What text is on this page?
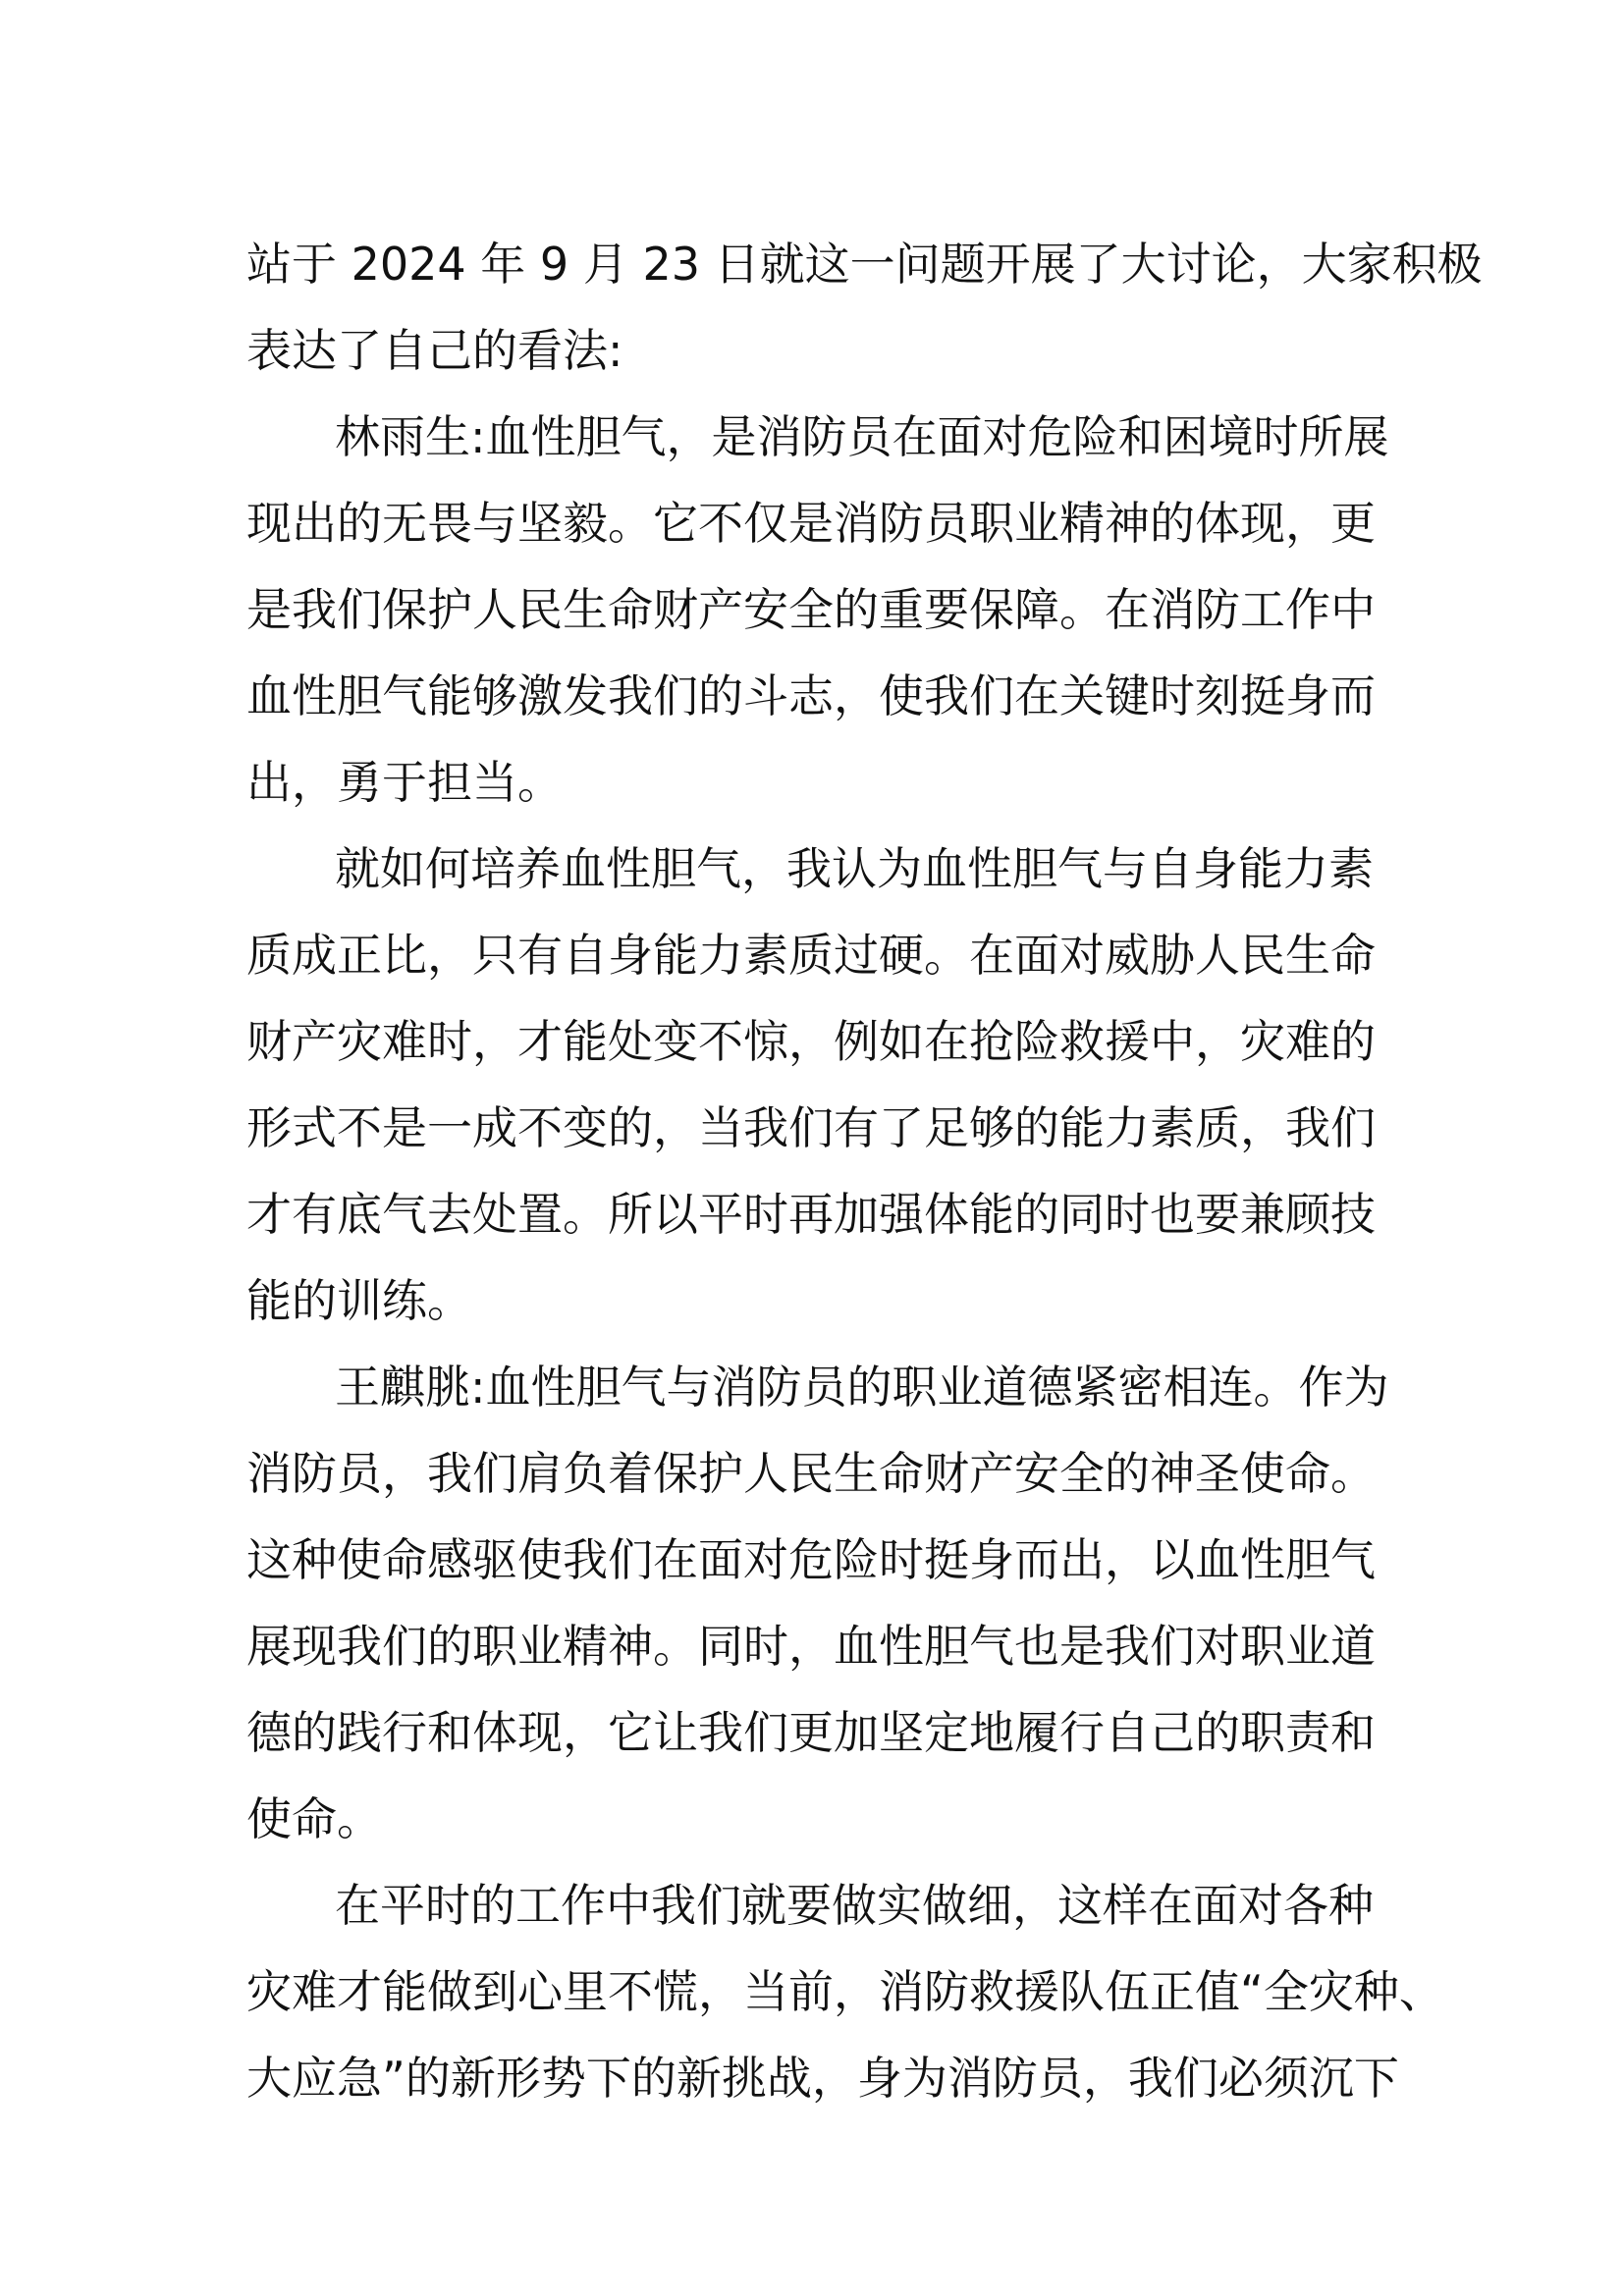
站于 2024 年 9 月 23 日就这一问题开展了大讨论，大家积极
表达了自己的看法:
林雨生:血性胆气，是消防员在面对危险和困境时所展
现出的无畏与坚毅。它不仅是消防员职业精神的体现，更
是我们保护人民生命财产安全的重要保障。在消防工作中
血性胆气能够激发我们的斗志，使我们在关键时刻挺身而
出，勇于担当。
就如何培养血性胆气，我认为血性胆气与自身能力素
质成正比，只有自身能力素质过硬。在面对威胁人民生命
财产灾难时，才能处变不惊，例如在抢险救援中，灾难的
形式不是一成不变的，当我们有了足够的能力素质，我们
才有底气去处置。所以平时再加强体能的同时也要兼顾技
能的训练。
王麒朓:血性胆气与消防员的职业道德紧密相连。作为
消防员，我们肩负着保护人民生命财产安全的神圣使命。
这种使命感驱使我们在面对危险时挺身而出，以血性胆气
展现我们的职业精神。同时，血性胆气也是我们对职业道
德的践行和体现，它让我们更加坚定地履行自己的职责和
使命。
在平时的工作中我们就要做实做细，这样在面对各种
灾难才能做到心里不慌，当前，消防救援队伍正值“全灾种、
大应急”的新形势下的新挑战，身为消防员，我们必须沉下
